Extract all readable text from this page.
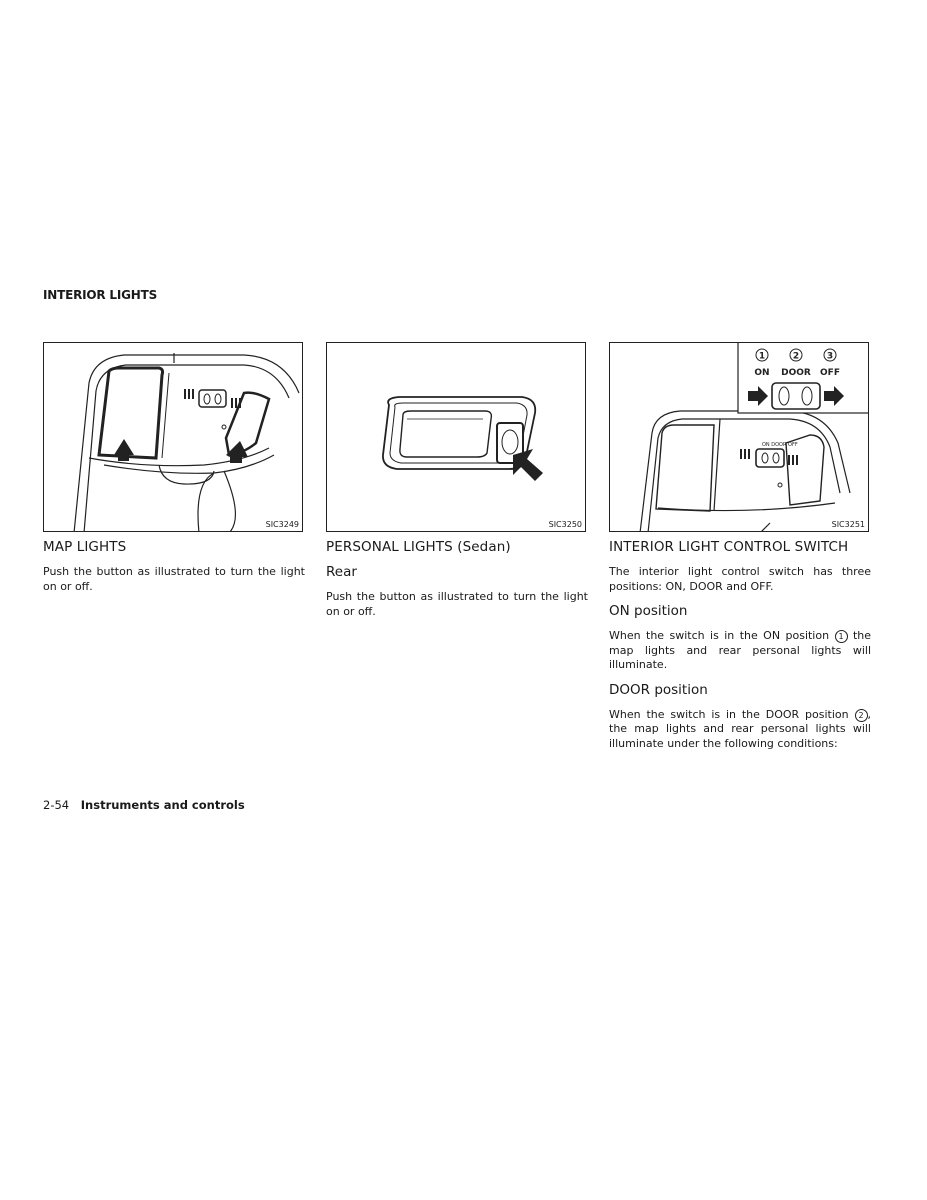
INTERIOR LIGHTS
SIC3249
MAP LIGHTS
Push the button as illustrated to turn the light on or off.
SIC3250
PERSONAL LIGHTS (Sedan)
Rear
Push the button as illustrated to turn the light on or off.
ON DOOR OFF
1	2	3
ON DOOR OFF
SIC3251
INTERIOR LIGHT CONTROL SWITCH
The interior light control switch has three positions: ON, DOOR and OFF.
ON position
When the switch is in the ON position 1 the map lights and rear personal lights will illuminate.
DOOR position
When the switch is in the DOOR position 2 , the map lights and rear personal lights will illuminate under the following conditions:
2-54 Instruments and controls
